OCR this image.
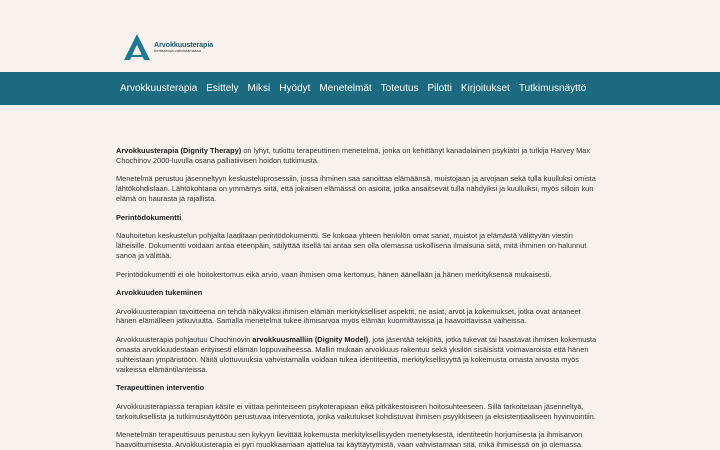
Arvokkuusterapia
Ihmisarvoa vahvistamassa
Arvokkuusterapia Esittely Miksi Hyödyt Menetelmät Toteutus Pilotti Kirjoitukset Tutkimusnäyttö

Arvokkuusterapia (Dignity Therapy) on lyhyt, tutkittu terapeuttinen menetelmä, jonka on kehittänyt kanadalainen psykiatri ja tutkija Harvey Max Chochinov 2000-luvulla osana palliatiivisen hoidon tutkimusta.

Menetelmä perustuu jäsenneltyyn keskusteluprosessiin, jossa ihminen saa sanoittaa elämäänsä, muistojaan ja arvojaan sekä tulla kuulluksi omista lähtökohdistaan. Lähtökohtana on ymmärrys siitä, että jokaisen elämässä on asioita, jotka ansaitsevat tulla nähdyiksi ja kuulluiksi, myös silloin kun elämä on haurasta ja rajallista.

Perintödokumentti

Nauhoitetun keskustelun pohjalta laaditaan perintödokumentti. Se kokoaa yhteen henkilön omat sanat, muistot ja elämästä välittyvän viestin läheisille. Dokumentti voidaan antaa eteenpäin, säilyttää itsellä tai antaa sen olla olemassa uskollisena ilmaisuna siitä, mitä ihminen on halunnut sanoa ja välittää.

Perintödokumentti ei ole hoitokertomus eikä arvio, vaan ihmisen oma kertomus, hänen äänellään ja hänen merkityksensä mukaisesti.

Arvokkuuden tukeminen

Arvokkuusterapian tavoitteena on tehdä näkyväksi ihmisen elämän merkitykselliset aspektit, ne asiat, arvot ja kokemukset, jotka ovat antaneet hänen elämälleen jatkuvuutta. Samalla menetelmä tukee ihmisarvoa myös elämän kuormittavissa ja haavoittavissa vaiheissa.

Arvokkuusterapia pohjautuu Chochinovin arvokkuusmalliin (Dignity Model), jota jäsentää tekijöitä, jotka tukevat tai haastavat ihmisen kokemusta omasta arvokkuudestaan erityisesti elämän loppuvaiheessa. Mallin mukaan arvokkuus rakentuu sekä yksilön sisäisistä voimavaroista että hänen suhteistaan ympäristöön. Näitä ulottuvuuksia vahvistamalla voidaan tukea identiteettiä, merkityksellisyyttä ja kokemusta omasta arvosta myös vaikeissa elämäntilanteissa.

Terapeuttinen interventio

Arvokkuusterapiassa terapian käsite ei viittaa perinteiseen psykoterapiaan eikä pitkäkestoiseen hoitosuhteeseen. Sillä tarkoitetaan jäsenneltyä, tarkoituksellista ja tutkimusnäyttöön perustuvaa interventiota, jonka vaikutukset kohdistuvat ihmisen psyykkiseen ja eksistentiaaliseen hyvinvointiin.

Menetelmän terapeuttisuus perustuu sen kykyyn lievittää kokemusta merkityksellisyyden menetyksestä, identiteetin horjumisesta ja ihmisarvon haavoittumisesta. Arvokkuusterapia ei pyri muokkaamaan ajattelua tai käyttäytymistä, vaan vahvistamaan sitä, mikä ihmisessä on jo olemassa.
